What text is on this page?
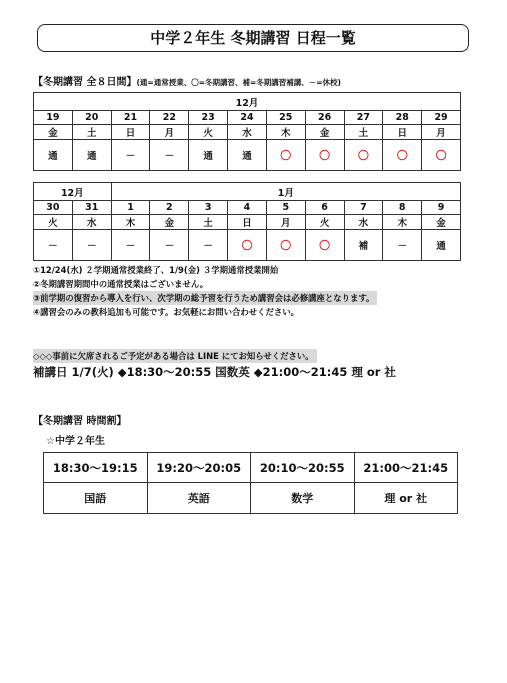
中学２年生 冬期講習 日程一覧
【冬期講習 全８日間】(通=通常授業、〇=冬期講習、補=冬期講習補講、－=休校)
12月										
19	20	21	22	23	24	25	26	27	28	29
金	土	日	月	火	水	木	金	土	日	月
通	通	－	－	通	通	〇	〇	〇	〇	〇
12月		1月								
30	31	1	2	3	4	5	6	7	8	9
火	水	木	金	土	日	月	火	水	木	金
－	－	－	－	－	〇	〇	〇	補	－	通
①12/24(水) ２学期通常授業終了、1/9(金) ３学期通常授業開始
②冬期講習期間中の通常授業はございません。
③前学期の復習から導入を行い、次学期の総予習を行うため講習会は必修講座となります。
④講習会のみの教科追加も可能です。お気軽にお問い合わせください。
◇◇◇事前に欠席されるご予定がある場合は LINE にてお知らせください。
補講日 1/7(火) ◆18:30～20:55 国数英 ◆21:00～21:45 理 or 社
【冬期講習 時間割】
☆中学２年生
18:30～19:15	19:20～20:05	20:10～20:55	21:00～21:45
国語	英語	数学	理 or 社
